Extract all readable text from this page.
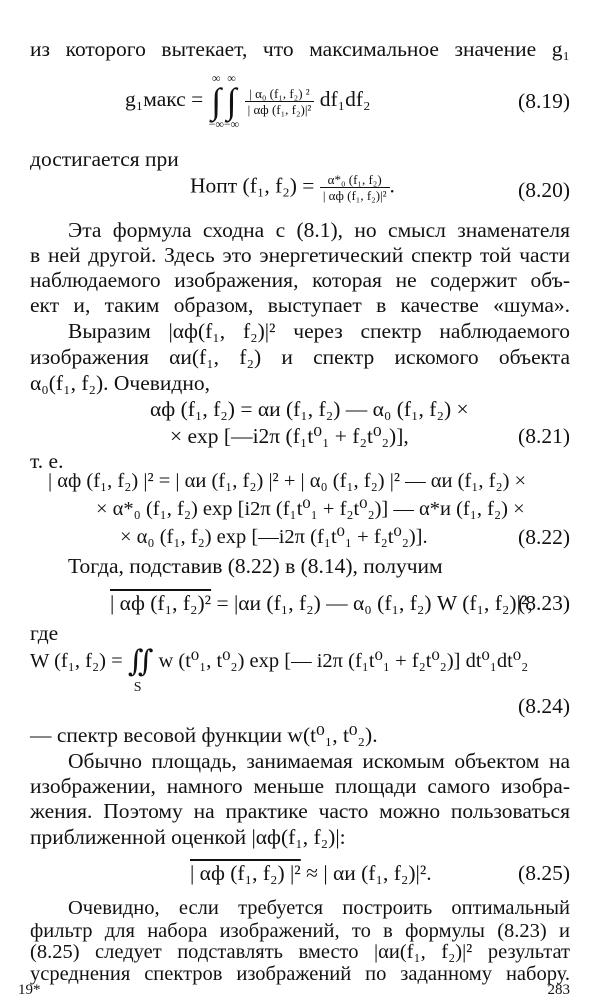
из которого вытекает, что максимальное значение g₁
g₁макс = ∞
∫
−∞∞
∫
−∞
$\frac{\text{| α₀ (f₁, f₂) ²}}{\text{| αф (f₁, f₂)|²}} df_1df_2$	(8.19)
достигается при
Hопт (f₁, $f_2) = \frac{\text{α*₀ (f₁, f₂)}}{\text{| αф (f₁, f₂)|²}}$ .	(8.20)
Эта формула сходна с (8.1), но смысл знаменателя
в ней другой. Здесь это энергетический спектр той части
наблюдаемого изображения, которая не содержит объ-
ект и, таким образом, выступает в качестве «шума».
Выразим |αф(f₁, f₂)|² через спектр наблюдаемого
изображения αи(f₁, f₂) и спектр искомого объекта
α₀(f₁, f₂). Очевидно,
αф (f₁, f₂) = αи (f₁, f₂) — α₀ (f₁, f₂) ×
× exp [—i2π (f₁t⁰₁ + f₂t⁰₂)],	(8.21)
т. е.
| αф (f₁, f₂) |² = | αи (f₁, f₂) |² + | α₀ (f₁, f₂) |² — αи (f₁, f₂) ×
× α*₀ (f₁, f₂) exp [i2π (f₁t⁰₁ + f₂t⁰₂)] — α*и (f₁, f₂) ×
× α₀ (f₁, f₂) exp [—i2π (f₁t⁰₁ + f₂t⁰₂)].	(8.22)
Тогда, подставив (8.22) в (8.14), получим
| αф (f₁, f₂)² = |αи (f₁, f₂) — α₀ (f₁, f₂) W (f₁, f₂)|²,
(8.23)
где
W (f₁, f₂) = ∬
S
w (t⁰₁, t⁰₂) exp [— i2π (f₁t⁰₁ + f₂t⁰₂)] dt⁰₁dt⁰₂
(8.24)
— спектр весовой функции w(t⁰₁, t⁰₂).
Обычно площадь, занимаемая искомым объектом на
изображении, намного меньше площади самого изобра-
жения. Поэтому на практике часто можно пользоваться
приближенной оценкой |αф(f₁, f₂)|:
| αф (f₁, f₂) |² ≈ | αи (f₁, f₂)|².	(8.25)
Очевидно, если требуется построить оптимальный
фильтр для набора изображений, то в формулы (8.23) и
19*	283
(8.25) следует подставлять вместо |αи(f₁, f₂)|² результат
усреднения спектров изображений по заданному набору.
